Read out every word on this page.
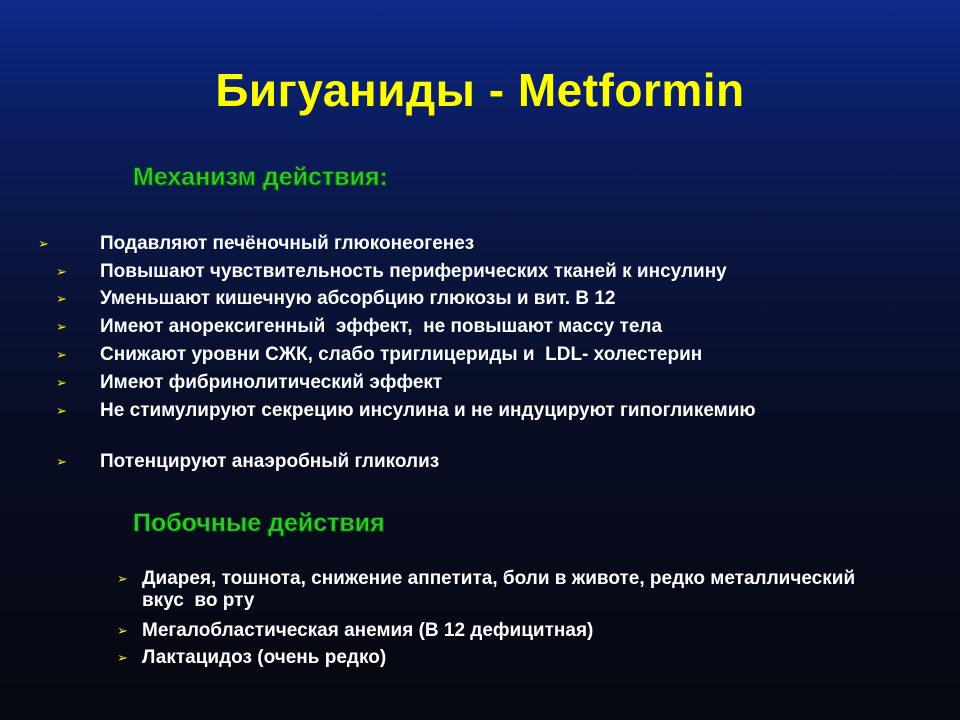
Бигуаниды - Metformin
Механизм действия:
➢	Подавляют печёночный глюконеогенез
➢ Повышают чувствительность периферических тканей к инсулину
➢ Уменьшают кишечную абсорбцию глюкозы и вит. В 12
➢ Имеют анорексигенный  эффект,  не повышают массу тела
➢ Снижают уровни СЖК, слабо триглицериды и  LDL- холестерин
➢ Имеют фибринолитический эффект
➢ Не стимулируют секрецию инсулина и не индуцируют гипогликемию
➢ Потенцируют анаэробный гликолиз
Побочные действия
➢ Диарея, тошнота, снижение аппетита, боли в животе, редко металлический вкус  во рту
➢ Мегалобластическая анемия (В 12 дефицитная)
➢ Лактацидоз (очень редко)
